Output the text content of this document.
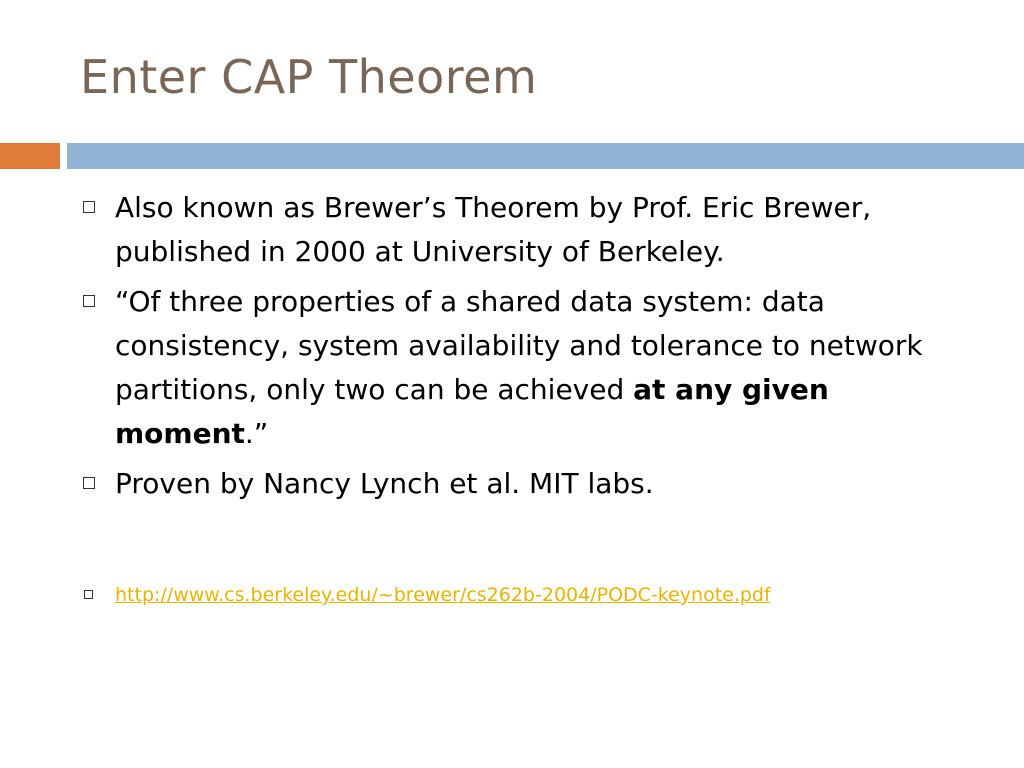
Enter CAP Theorem
Also known as Brewer’s Theorem by Prof. Eric Brewer, published in 2000 at University of Berkeley.
“Of three properties of a shared data system: data consistency, system availability and tolerance to network partitions, only two can be achieved at any given moment.”
Proven by Nancy Lynch et al. MIT labs.
http://www.cs.berkeley.edu/~brewer/cs262b-2004/PODC-keynote.pdf
